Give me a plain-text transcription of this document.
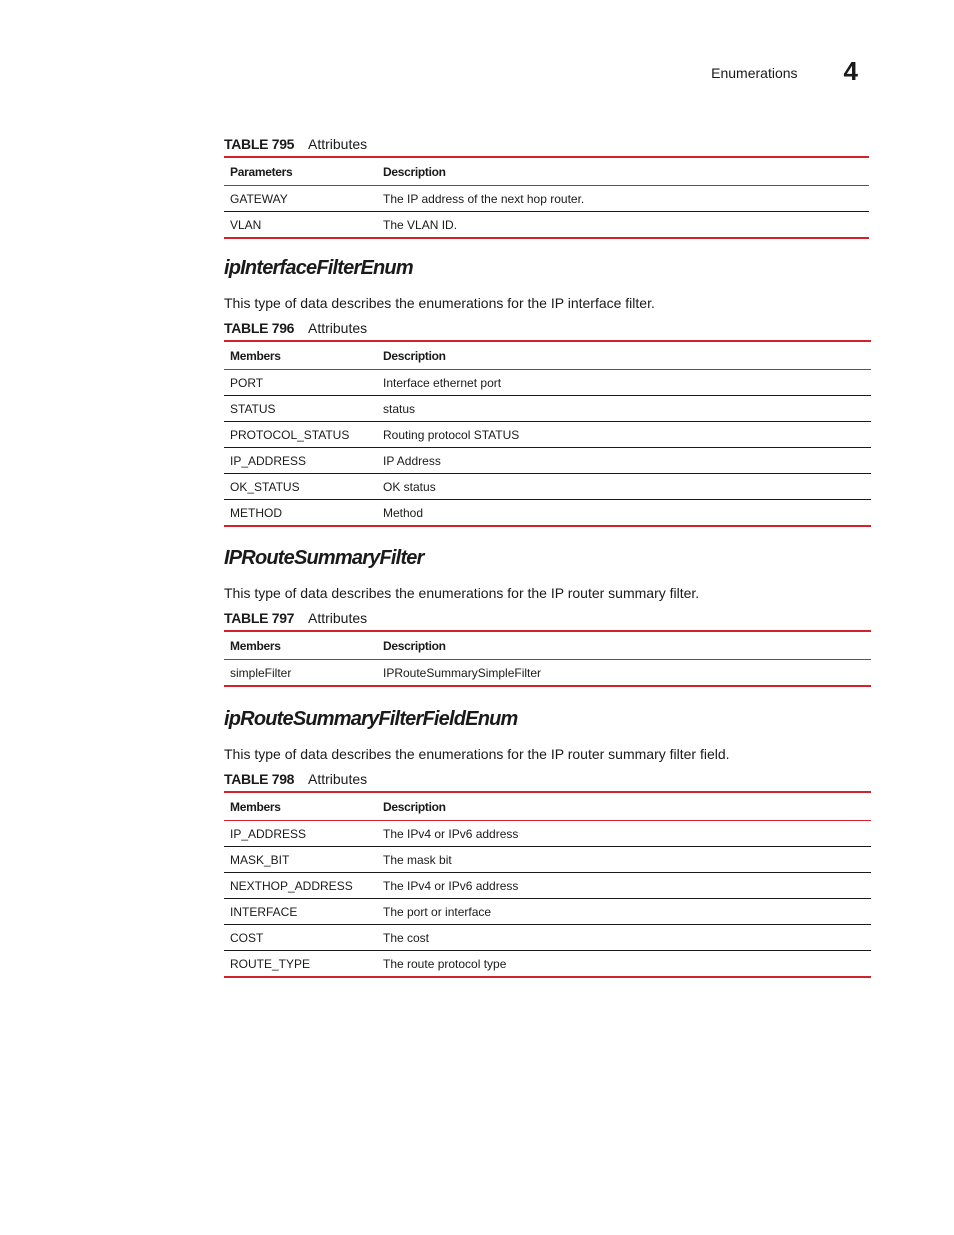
Enumerations 4
TABLE 795 Attributes
Parameters	Description
GATEWAY	The IP address of the next hop router.
VLAN	The VLAN ID.
ipInterfaceFilterEnum

This type of data describes the enumerations for the IP interface filter.

TABLE 796 Attributes
Members	Description
PORT	Interface ethernet port
STATUS	status
PROTOCOL_STATUS	Routing protocol STATUS
IP_ADDRESS	IP Address
OK_STATUS	OK status
METHOD	Method
IPRouteSummaryFilter

This type of data describes the enumerations for the IP router summary filter.

TABLE 797 Attributes
Members	Description
simpleFilter	IPRouteSummarySimpleFilter
ipRouteSummaryFilterFieldEnum

This type of data describes the enumerations for the IP router summary filter field.

TABLE 798 Attributes
Members	Description
IP_ADDRESS	The IPv4 or IPv6 address
MASK_BIT	The mask bit
NEXTHOP_ADDRESS	The IPv4 or IPv6 address
INTERFACE	The port or interface
COST	The cost
ROUTE_TYPE	The route protocol type
